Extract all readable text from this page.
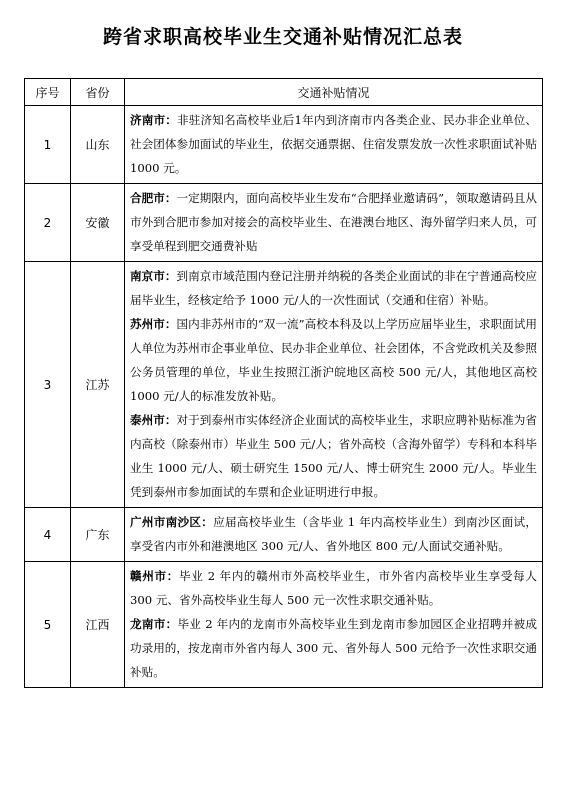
跨省求职高校毕业生交通补贴情况汇总表
序号	省份	交通补贴情况
1	山东	济南市：非驻济知名高校毕业后1年内到济南市内各类企业、民办非企业单位、社会团体参加面试的毕业生，依据交通票据、住宿发票发放一次性求职面试补贴 1000 元。

2	安徽	合肥市：一定期限内，面向高校毕业生发布“合肥择业邀请码”，领取邀请码且从市外到合肥市参加对接会的高校毕业生、在港澳台地区、海外留学归来人员，可享受单程到肥交通费补贴

3	江苏	南京市：到南京市域范围内登记注册并纳税的各类企业面试的非在宁普通高校应届毕业生，经核定给予 1000 元/人的一次性面试（交通和住宿）补贴。

苏州市：国内非苏州市的“双一流”高校本科及以上学历应届毕业生，求职面试用人单位为苏州市企事业单位、民办非企业单位、社会团体，不含党政机关及参照公务员管理的单位，毕业生按照江浙沪皖地区高校 500 元/人，其他地区高校 1000 元/人的标准发放补贴。

泰州市：对于到泰州市实体经济企业面试的高校毕业生，求职应聘补贴标准为省内高校（除泰州市）毕业生 500 元/人；省外高校（含海外留学）专科和本科毕业生 1000 元/人、硕士研究生 1500 元/人、博士研究生 2000 元/人。毕业生凭到泰州市参加面试的车票和企业证明进行申报。

4	广东	广州市南沙区：应届高校毕业生（含毕业 1 年内高校毕业生）到南沙区面试，享受省内市外和港澳地区 300 元/人、省外地区 800 元/人面试交通补贴。

5	江西	赣州市：毕业 2 年内的赣州市外高校毕业生，市外省内高校毕业生享受每人 300 元、省外高校毕业生每人 500 元一次性求职交通补贴。

龙南市：毕业 2 年内的龙南市外高校毕业生到龙南市参加园区企业招聘并被成功录用的，按龙南市外省内每人 300 元、省外每人 500 元给予一次性求职交通补贴。
